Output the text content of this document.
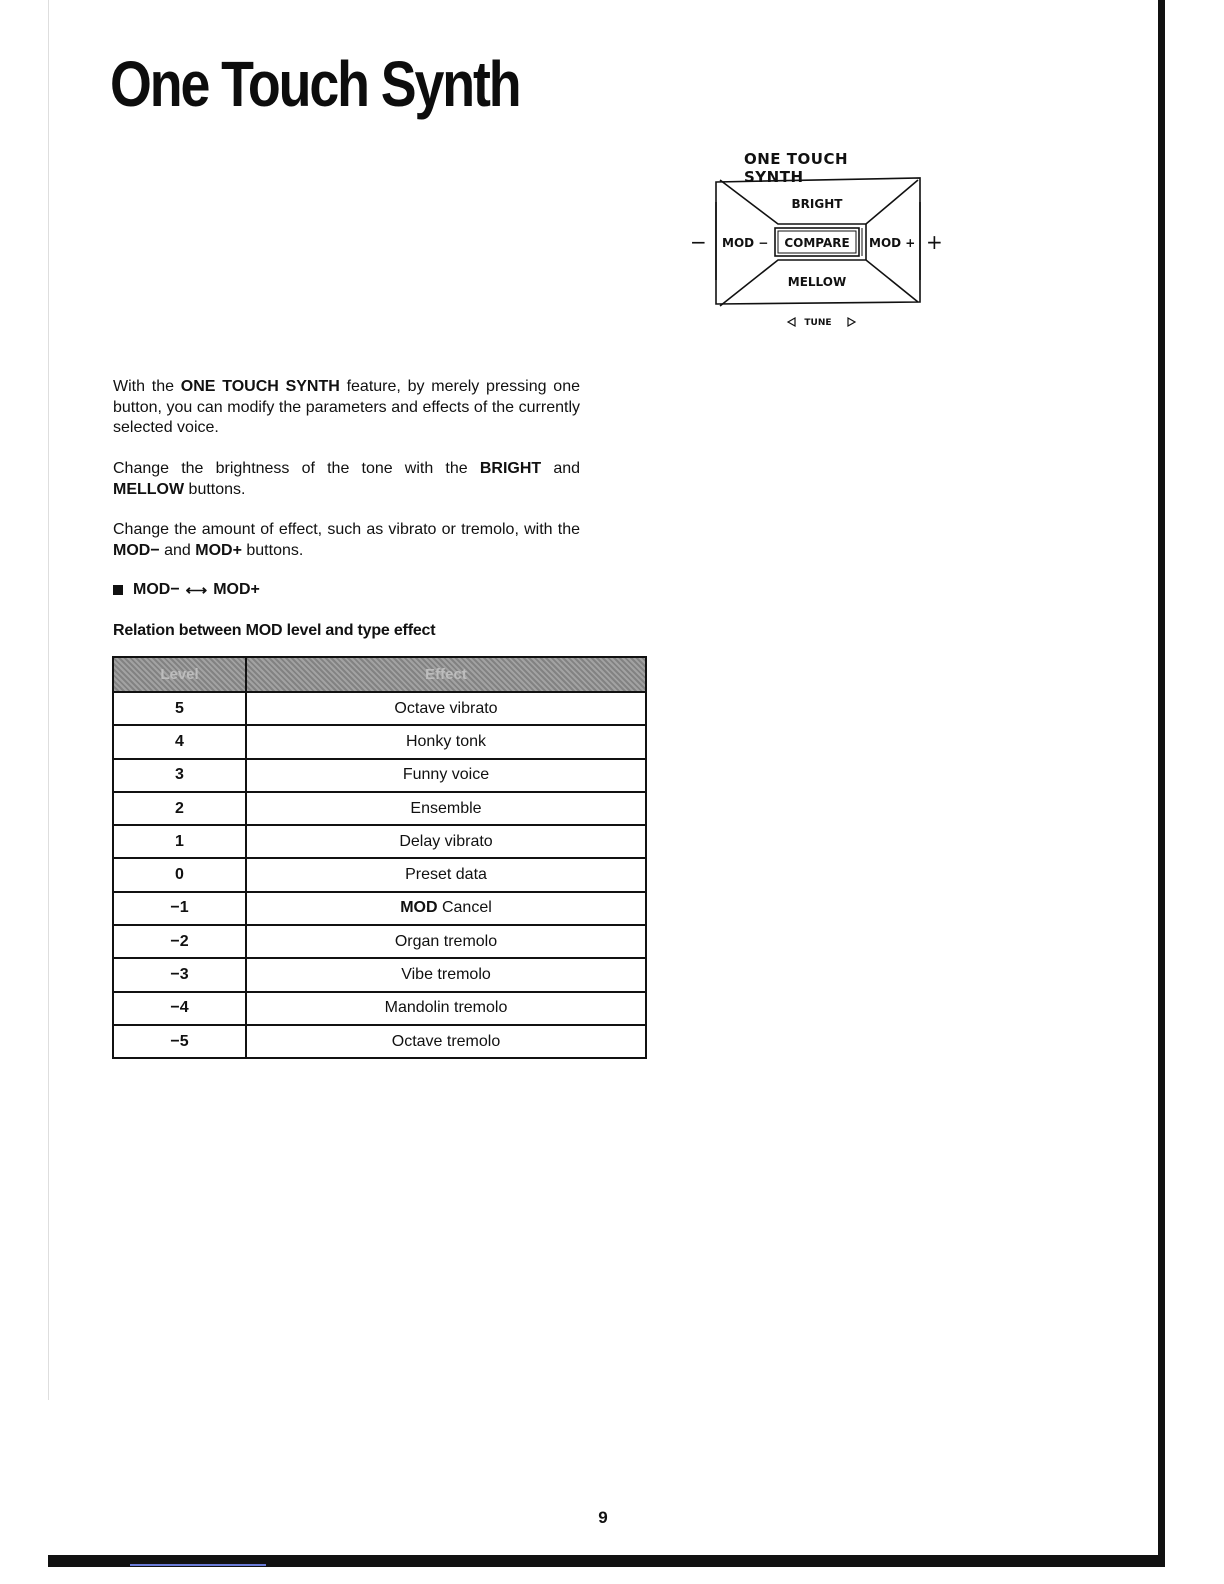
One Touch Synth
ONE TOUCH SYNTH
BRIGHT
MELLOW
COMPARE
MOD −	MOD +
−	+
TUNE

With the ONE TOUCH SYNTH feature, by merely pressing one button, you can modify the parameters and effects of the currently selected voice.

Change the brightness of the tone with the BRIGHT and MELLOW buttons.

Change the amount of effect, such as vibrato or tremolo, with the MOD− and MOD+ buttons.

MOD− ⟷ MOD+

Relation between MOD level and type effect

Level	Effect
5	Octave vibrato
4	Honky tonk
3	Funny voice
2	Ensemble
1	Delay vibrato
0	Preset data
−1	MOD Cancel
−2	Organ tremolo
−3	Vibe tremolo
−4	Mandolin tremolo
−5	Octave tremolo
9
